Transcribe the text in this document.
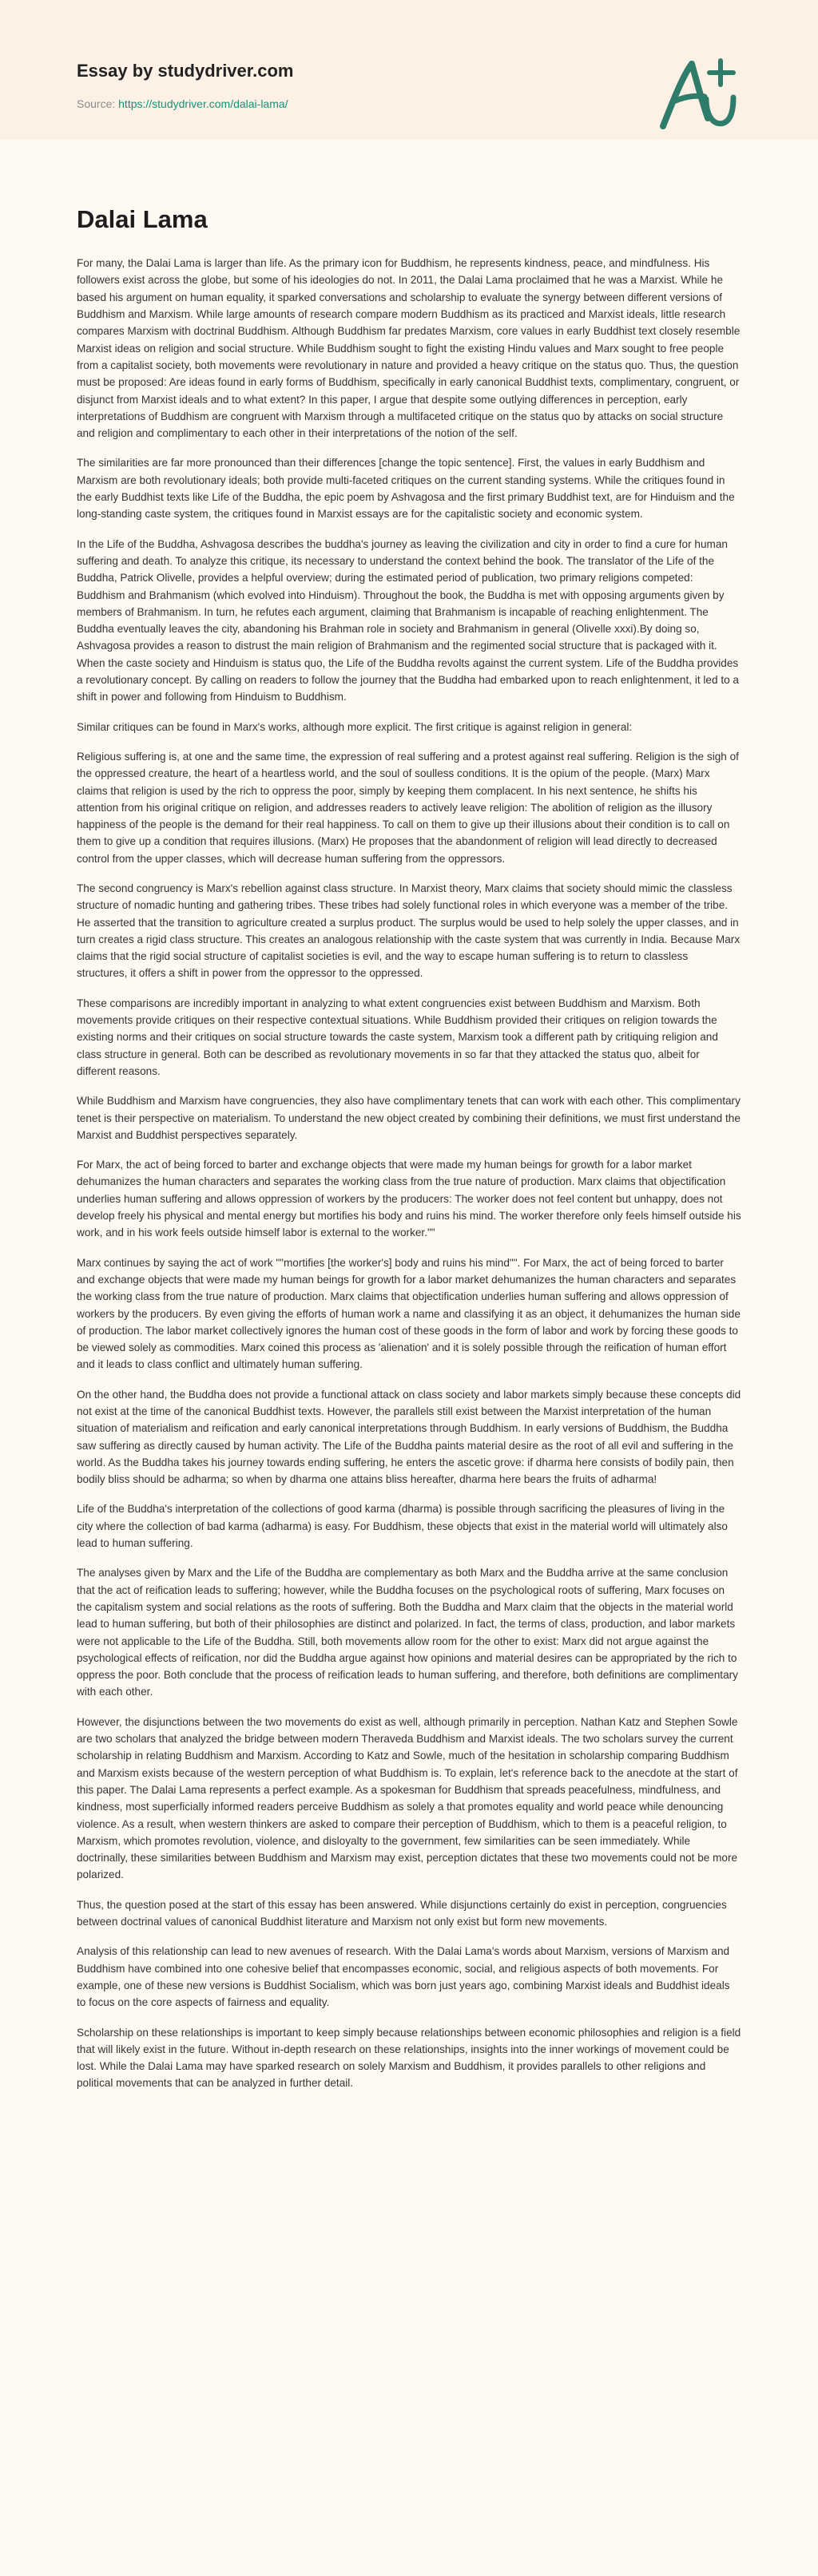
Essay by studydriver.com
Source: https://studydriver.com/dalai-lama/
Dalai Lama

For many, the Dalai Lama is larger than life. As the primary icon for Buddhism, he represents kindness, peace, and mindfulness. His followers exist across the globe, but some of his ideologies do not. In 2011, the Dalai Lama proclaimed that he was a Marxist. While he based his argument on human equality, it sparked conversations and scholarship to evaluate the synergy between different versions of Buddhism and Marxism. While large amounts of research compare modern Buddhism as its practiced and Marxist ideals, little research compares Marxism with doctrinal Buddhism. Although Buddhism far predates Marxism, core values in early Buddhist text closely resemble Marxist ideas on religion and social structure. While Buddhism sought to fight the existing Hindu values and Marx sought to free people from a capitalist society, both movements were revolutionary in nature and provided a heavy critique on the status quo. Thus, the question must be proposed: Are ideas found in early forms of Buddhism, specifically in early canonical Buddhist texts, complimentary, congruent, or disjunct from Marxist ideals and to what extent? In this paper, I argue that despite some outlying differences in perception, early interpretations of Buddhism are congruent with Marxism through a multifaceted critique on the status quo by attacks on social structure and religion and complimentary to each other in their interpretations of the notion of the self.

The similarities are far more pronounced than their differences [change the topic sentence]. First, the values in early Buddhism and Marxism are both revolutionary ideals; both provide multi-faceted critiques on the current standing systems. While the critiques found in the early Buddhist texts like Life of the Buddha, the epic poem by Ashvagosa and the first primary Buddhist text, are for Hinduism and the long-standing caste system, the critiques found in Marxist essays are for the capitalistic society and economic system.

In the Life of the Buddha, Ashvagosa describes the buddha's journey as leaving the civilization and city in order to find a cure for human suffering and death. To analyze this critique, its necessary to understand the context behind the book. The translator of the Life of the Buddha, Patrick Olivelle, provides a helpful overview; during the estimated period of publication, two primary religions competed: Buddhism and Brahmanism (which evolved into Hinduism). Throughout the book, the Buddha is met with opposing arguments given by members of Brahmanism. In turn, he refutes each argument, claiming that Brahmanism is incapable of reaching enlightenment. The Buddha eventually leaves the city, abandoning his Brahman role in society and Brahmanism in general (Olivelle xxxi).By doing so, Ashvagosa provides a reason to distrust the main religion of Brahmanism and the regimented social structure that is packaged with it. When the caste society and Hinduism is status quo, the Life of the Buddha revolts against the current system. Life of the Buddha provides a revolutionary concept. By calling on readers to follow the journey that the Buddha had embarked upon to reach enlightenment, it led to a shift in power and following from Hinduism to Buddhism.

Similar critiques can be found in Marx's works, although more explicit. The first critique is against religion in general:

Religious suffering is, at one and the same time, the expression of real suffering and a protest against real suffering. Religion is the sigh of the oppressed creature, the heart of a heartless world, and the soul of soulless conditions. It is the opium of the people. (Marx) Marx claims that religion is used by the rich to oppress the poor, simply by keeping them complacent. In his next sentence, he shifts his attention from his original critique on religion, and addresses readers to actively leave religion: The abolition of religion as the illusory happiness of the people is the demand for their real happiness. To call on them to give up their illusions about their condition is to call on them to give up a condition that requires illusions. (Marx) He proposes that the abandonment of religion will lead directly to decreased control from the upper classes, which will decrease human suffering from the oppressors.

The second congruency is Marx's rebellion against class structure. In Marxist theory, Marx claims that society should mimic the classless structure of nomadic hunting and gathering tribes. These tribes had solely functional roles in which everyone was a member of the tribe. He asserted that the transition to agriculture created a surplus product. The surplus would be used to help solely the upper classes, and in turn creates a rigid class structure. This creates an analogous relationship with the caste system that was currently in India. Because Marx claims that the rigid social structure of capitalist societies is evil, and the way to escape human suffering is to return to classless structures, it offers a shift in power from the oppressor to the oppressed.

These comparisons are incredibly important in analyzing to what extent congruencies exist between Buddhism and Marxism. Both movements provide critiques on their respective contextual situations. While Buddhism provided their critiques on religion towards the existing norms and their critiques on social structure towards the caste system, Marxism took a different path by critiquing religion and class structure in general. Both can be described as revolutionary movements in so far that they attacked the status quo, albeit for different reasons.

While Buddhism and Marxism have congruencies, they also have complimentary tenets that can work with each other. This complimentary tenet is their perspective on materialism. To understand the new object created by combining their definitions, we must first understand the Marxist and Buddhist perspectives separately.

For Marx, the act of being forced to barter and exchange objects that were made my human beings for growth for a labor market dehumanizes the human characters and separates the working class from the true nature of production. Marx claims that objectification underlies human suffering and allows oppression of workers by the producers: The worker does not feel content but unhappy, does not develop freely his physical and mental energy but mortifies his body and ruins his mind. The worker therefore only feels himself outside his work, and in his work feels outside himself labor is external to the worker.""

Marx continues by saying the act of work ""mortifies [the worker's] body and ruins his mind"". For Marx, the act of being forced to barter and exchange objects that were made my human beings for growth for a labor market dehumanizes the human characters and separates the working class from the true nature of production. Marx claims that objectification underlies human suffering and allows oppression of workers by the producers. By even giving the efforts of human work a name and classifying it as an object, it dehumanizes the human side of production. The labor market collectively ignores the human cost of these goods in the form of labor and work by forcing these goods to be viewed solely as commodities. Marx coined this process as 'alienation' and it is solely possible through the reification of human effort and it leads to class conflict and ultimately human suffering.

On the other hand, the Buddha does not provide a functional attack on class society and labor markets simply because these concepts did not exist at the time of the canonical Buddhist texts. However, the parallels still exist between the Marxist interpretation of the human situation of materialism and reification and early canonical interpretations through Buddhism. In early versions of Buddhism, the Buddha saw suffering as directly caused by human activity. The Life of the Buddha paints material desire as the root of all evil and suffering in the world. As the Buddha takes his journey towards ending suffering, he enters the ascetic grove: if dharma here consists of bodily pain, then bodily bliss should be adharma; so when by dharma one attains bliss hereafter, dharma here bears the fruits of adharma!

Life of the Buddha's interpretation of the collections of good karma (dharma) is possible through sacrificing the pleasures of living in the city where the collection of bad karma (adharma) is easy. For Buddhism, these objects that exist in the material world will ultimately also lead to human suffering.

The analyses given by Marx and the Life of the Buddha are complementary as both Marx and the Buddha arrive at the same conclusion that the act of reification leads to suffering; however, while the Buddha focuses on the psychological roots of suffering, Marx focuses on the capitalism system and social relations as the roots of suffering. Both the Buddha and Marx claim that the objects in the material world lead to human suffering, but both of their philosophies are distinct and polarized. In fact, the terms of class, production, and labor markets were not applicable to the Life of the Buddha. Still, both movements allow room for the other to exist: Marx did not argue against the psychological effects of reification, nor did the Buddha argue against how opinions and material desires can be appropriated by the rich to oppress the poor. Both conclude that the process of reification leads to human suffering, and therefore, both definitions are complimentary with each other.

However, the disjunctions between the two movements do exist as well, although primarily in perception. Nathan Katz and Stephen Sowle are two scholars that analyzed the bridge between modern Theraveda Buddhism and Marxist ideals. The two scholars survey the current scholarship in relating Buddhism and Marxism. According to Katz and Sowle, much of the hesitation in scholarship comparing Buddhism and Marxism exists because of the western perception of what Buddhism is. To explain, let's reference back to the anecdote at the start of this paper. The Dalai Lama represents a perfect example. As a spokesman for Buddhism that spreads peacefulness, mindfulness, and kindness, most superficially informed readers perceive Buddhism as solely a that promotes equality and world peace while denouncing violence. As a result, when western thinkers are asked to compare their perception of Buddhism, which to them is a peaceful religion, to Marxism, which promotes revolution, violence, and disloyalty to the government, few similarities can be seen immediately. While doctrinally, these similarities between Buddhism and Marxism may exist, perception dictates that these two movements could not be more polarized.

Thus, the question posed at the start of this essay has been answered. While disjunctions certainly do exist in perception, congruencies between doctrinal values of canonical Buddhist literature and Marxism not only exist but form new movements.

Analysis of this relationship can lead to new avenues of research. With the Dalai Lama's words about Marxism, versions of Marxism and Buddhism have combined into one cohesive belief that encompasses economic, social, and religious aspects of both movements. For example, one of these new versions is Buddhist Socialism, which was born just years ago, combining Marxist ideals and Buddhist ideals to focus on the core aspects of fairness and equality.

Scholarship on these relationships is important to keep simply because relationships between economic philosophies and religion is a field that will likely exist in the future. Without in-depth research on these relationships, insights into the inner workings of movement could be lost. While the Dalai Lama may have sparked research on solely Marxism and Buddhism, it provides parallels to other religions and political movements that can be analyzed in further detail.
